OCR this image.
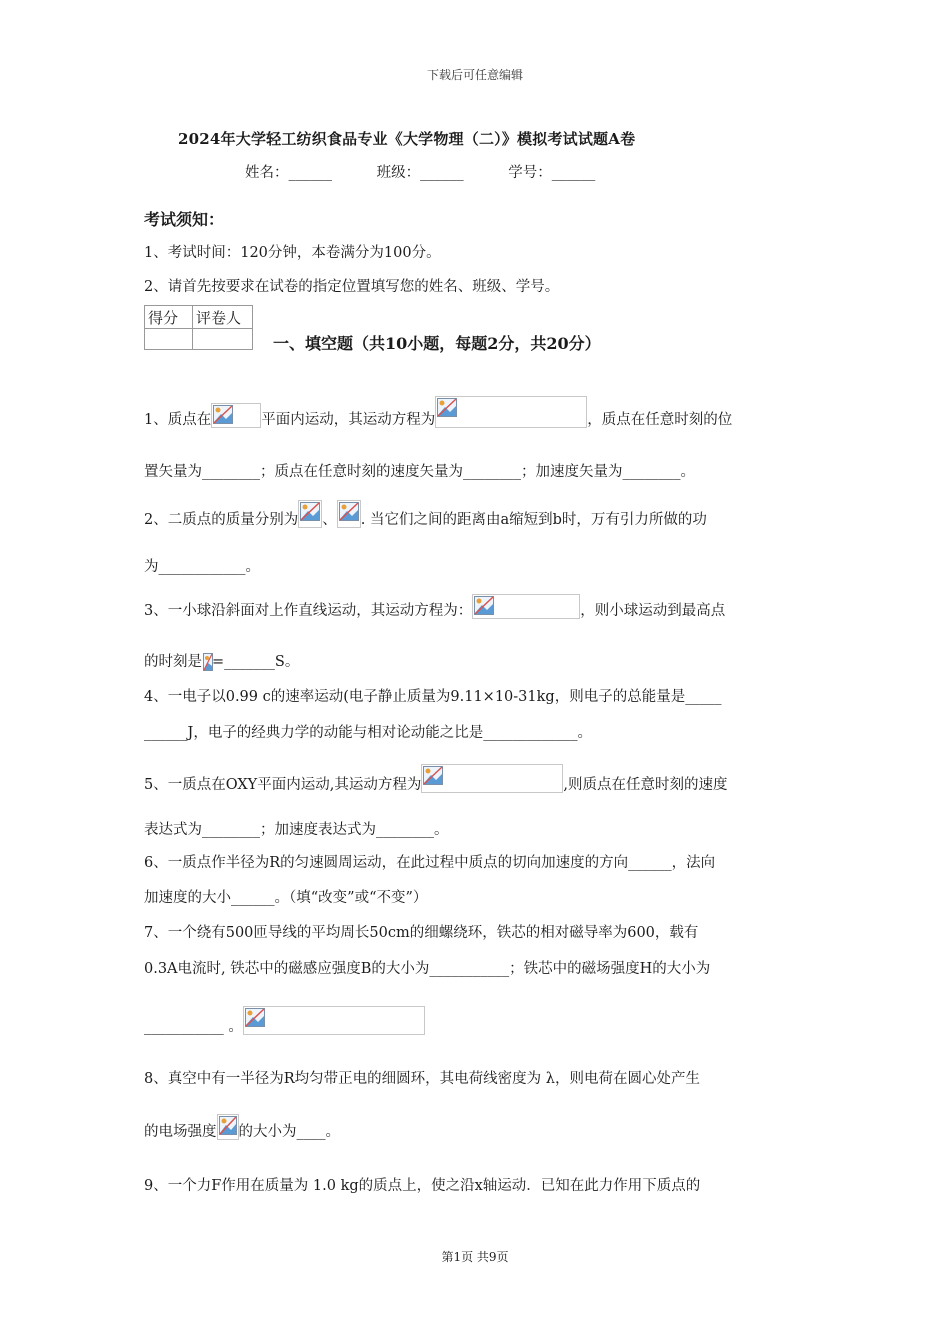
下载后可任意编辑
2024年大学轻工纺织食品专业《大学物理（二）》模拟考试试题A卷
姓名：______	班级：______	学号：______
考试须知：
1、考试时间：120分钟，本卷满分为100分。
2、请首先按要求在试卷的指定位置填写您的姓名、班级、学号。
得分	评卷人

一、填空题（共10小题，每题2分，共20分）
1、质点在	平面内运动，其运动方程为	，质点在任意时刻的位
置矢量为________；质点在任意时刻的速度矢量为________；加速度矢量为________。
2、二质点的质量分别为 、 . 当它们之间的距离由a缩短到b时，万有引力所做的功
为____________。
3、一小球沿斜面对上作直线运动，其运动方程为：	，则小球运动到最高点
的时刻是 =_______S。
4、一电子以0.99 c的速率运动(电子静止质量为9.11×10-31kg，则电子的总能量是_____
______J，电子的经典力学的动能与相对论动能之比是_____________。
5、一质点在OXY平面内运动,其运动方程为	,则质点在任意时刻的速度
表达式为________；加速度表达式为________。
6、一质点作半径为R的匀速圆周运动，在此过程中质点的切向加速度的方向______，法向
加速度的大小______。（填“改变”或“不变”）
7、一个绕有500匝导线的平均周长50cm的细螺绕环，铁芯的相对磁导率为600，载有
0.3A电流时, 铁芯中的磁感应强度B的大小为___________；铁芯中的磁场强度H的大小为
___________ 。
8、真空中有一半径为R均匀带正电的细圆环，其电荷线密度为 λ，则电荷在圆心处产生
的电场强度 的大小为____。
9、一个力F作用在质量为 1.0 kg的质点上，使之沿x轴运动．已知在此力作用下质点的
第1页 共9页
